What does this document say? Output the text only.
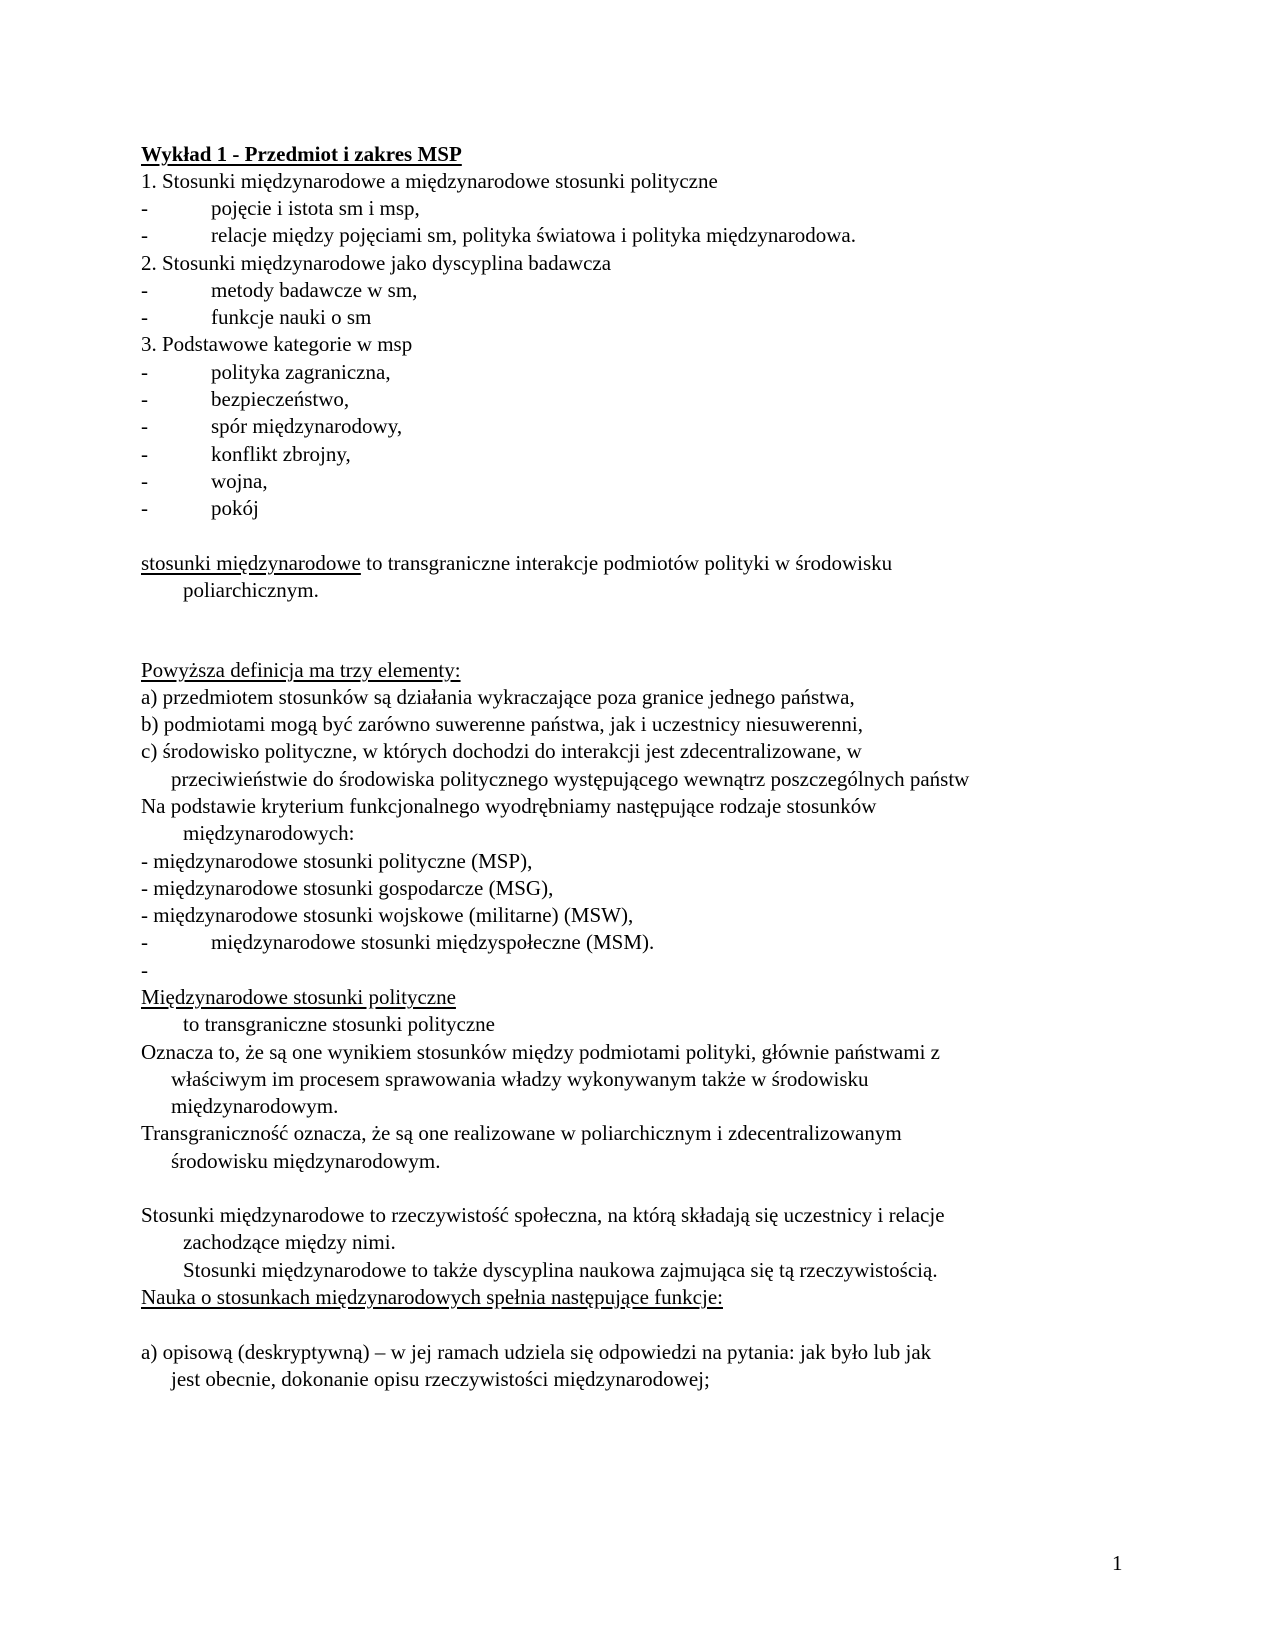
Wykład 1 - Przedmiot i zakres MSP
1. Stosunki międzynarodowe a międzynarodowe stosunki polityczne
-	pojęcie i istota sm i msp,
-	relacje między pojęciami sm, polityka światowa i polityka międzynarodowa.
2. Stosunki międzynarodowe jako dyscyplina badawcza
-	metody badawcze w sm,
-	funkcje nauki o sm
3. Podstawowe kategorie w msp
-	polityka zagraniczna,
-	bezpieczeństwo,
-	spór międzynarodowy,
-	konflikt zbrojny,
-	wojna,
-	pokój
stosunki międzynarodowe to transgraniczne interakcje podmiotów polityki w środowisku
poliarchicznym.
Powyższa definicja ma trzy elementy:
a) przedmiotem stosunków są działania wykraczające poza granice jednego państwa,
b) podmiotami mogą być zarówno suwerenne państwa, jak i uczestnicy niesuwerenni,
c) środowisko polityczne, w których dochodzi do interakcji jest zdecentralizowane, w
przeciwieństwie do środowiska politycznego występującego wewnątrz poszczególnych państw
Na podstawie kryterium funkcjonalnego wyodrębniamy następujące rodzaje stosunków
międzynarodowych:
- międzynarodowe stosunki polityczne (MSP),
- międzynarodowe stosunki gospodarcze (MSG),
- międzynarodowe stosunki wojskowe (militarne) (MSW),
-	międzynarodowe stosunki międzyspołeczne (MSM).
-
Międzynarodowe stosunki polityczne
to transgraniczne stosunki polityczne
Oznacza to, że są one wynikiem stosunków między podmiotami polityki, głównie państwami z
właściwym im procesem sprawowania władzy wykonywanym także w środowisku
międzynarodowym.
Transgraniczność oznacza, że są one realizowane w poliarchicznym i zdecentralizowanym
środowisku międzynarodowym.
Stosunki międzynarodowe to rzeczywistość społeczna, na którą składają się uczestnicy i relacje
zachodzące między nimi.
Stosunki międzynarodowe to także dyscyplina naukowa zajmująca się tą rzeczywistością.
Nauka o stosunkach międzynarodowych spełnia następujące funkcje:
a) opisową (deskryptywną) – w jej ramach udziela się odpowiedzi na pytania: jak było lub jak
jest obecnie, dokonanie opisu rzeczywistości międzynarodowej;
1
